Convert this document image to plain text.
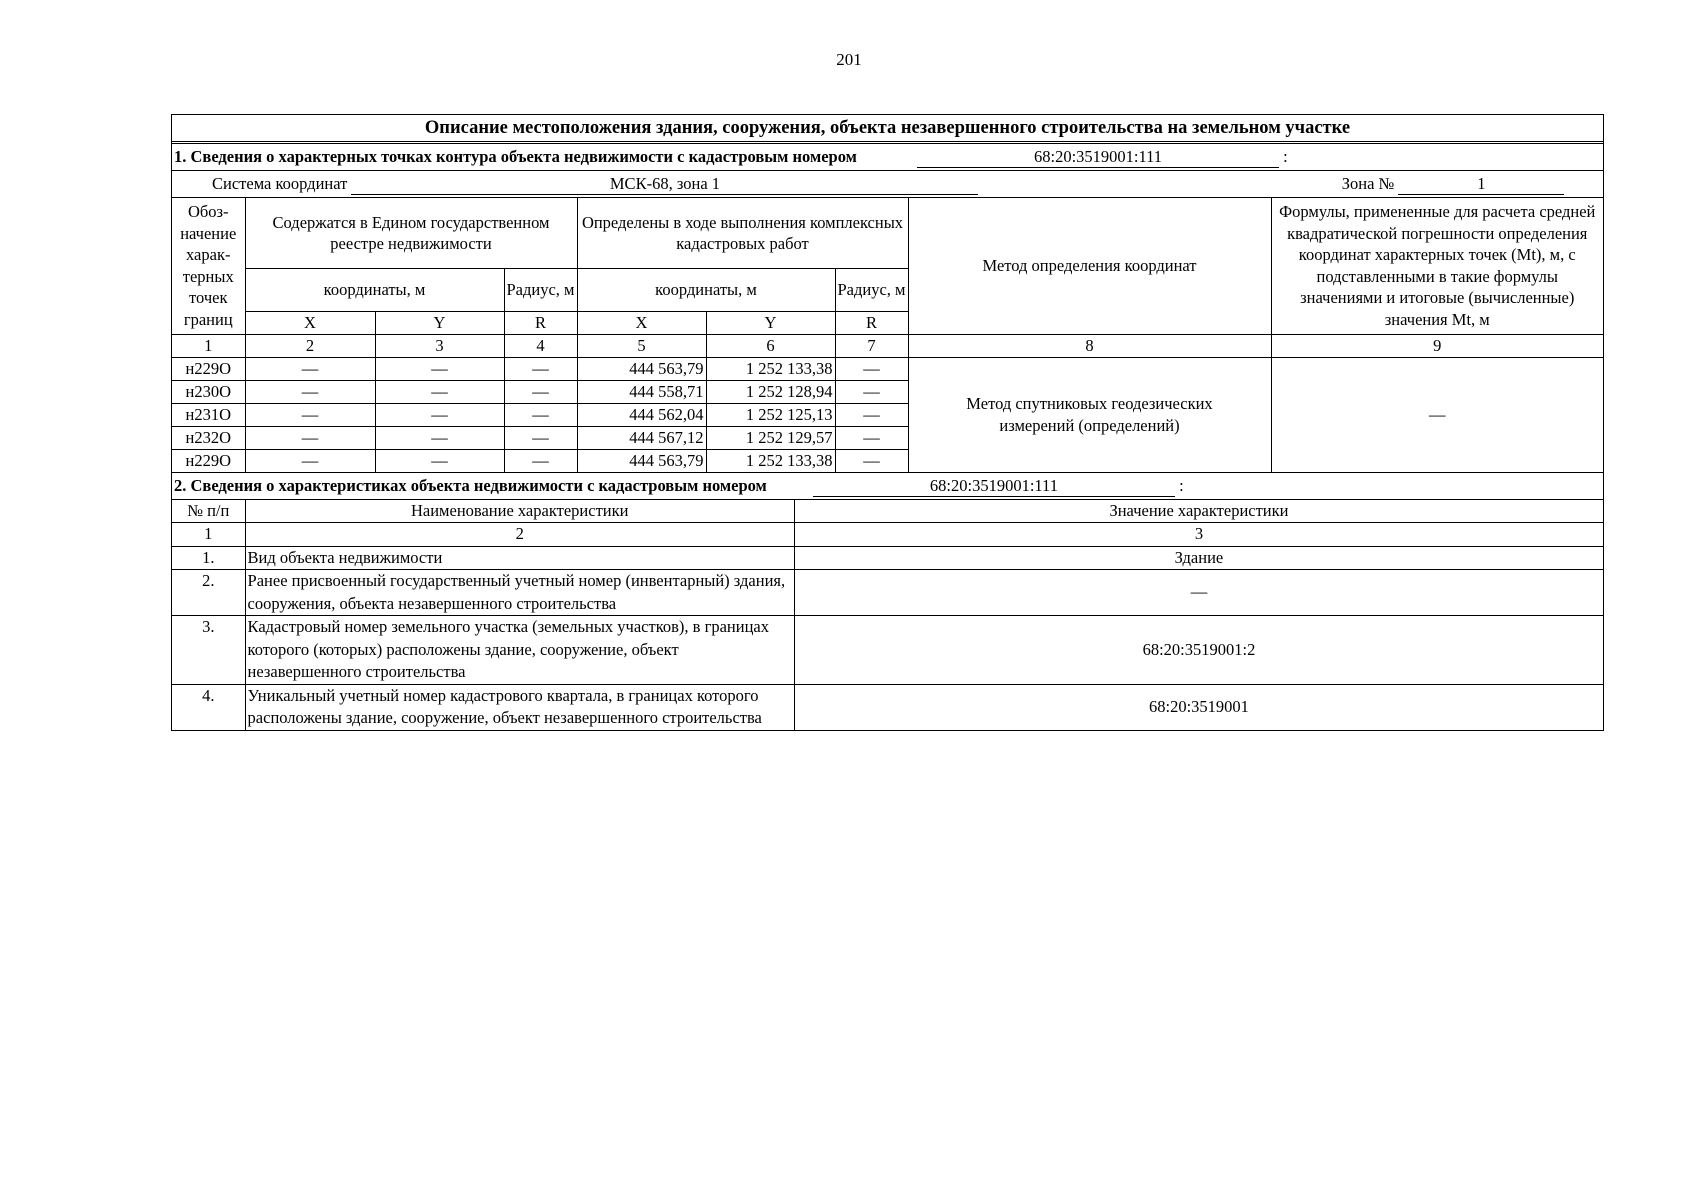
201
Описание местоположения здания, сооружения, объекта незавершенного строительства на земельном участке
1. Сведения о характерных точках контура объекта недвижимости с кадастровым номером	68:20:3519001:111	:
Система координат	МСК-68, зона 1	Зона №	1
Обоз-начение харак-терных точек границ	Содержатся в Едином государственном реестре недвижимости			Определены в ходе выполнения комплексных кадастровых работ			Метод определения координат	Формулы, примененные для расчета средней квадратической погрешности определения координат характерных точек (Mt), м, с подставленными в такие формулы значениями и итоговые (вычисленные) значения Mt, м
	координаты, м		Радиус, м	координаты, м		Радиус, м		
	X	Y	R	X	Y	R		
1	2	3	4	5	6	7	8	9
н229О	—	—	—	444 563,79	1 252 133,38	—	Метод спутниковых геодезических измерений (определений)	—
н230О	—	—	—	444 558,71	1 252 128,94	—		
н231О	—	—	—	444 562,04	1 252 125,13	—		
н232О	—	—	—	444 567,12	1 252 129,57	—		
н229О	—	—	—	444 563,79	1 252 133,38	—		
2. Сведения о характеристиках объекта недвижимости с кадастровым номером	68:20:3519001:111	:
№ п/п	Наименование характеристики	Значение характеристики
1	2	3
1.	Вид объекта недвижимости	Здание
2.	Ранее присвоенный государственный учетный номер (инвентарный) здания, сооружения, объекта незавершенного строительства	—
3.	Кадастровый номер земельного участка (земельных участков), в границах которого (которых) расположены здание, сооружение, объект незавершенного строительства	68:20:3519001:2
4.	Уникальный учетный номер кадастрового квартала, в границах которого расположены здание, сооружение, объект незавершенного строительства	68:20:3519001
